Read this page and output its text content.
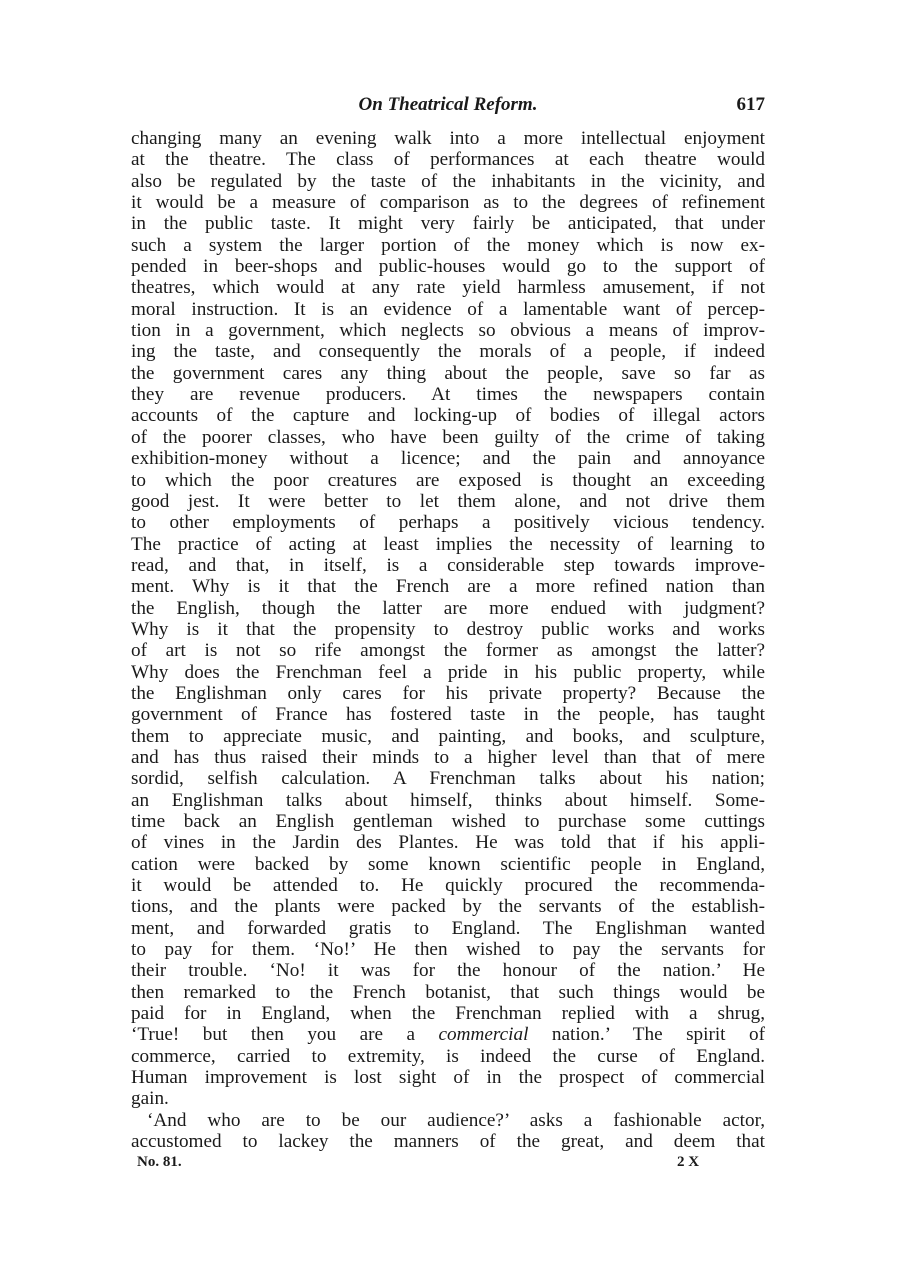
On Theatrical Reform.	617
changing many an evening walk into a more intellectual enjoyment
at the theatre. The class of performances at each theatre would
also be regulated by the taste of the inhabitants in the vicinity, and
it would be a measure of comparison as to the degrees of refinement
in the public taste. It might very fairly be anticipated, that under
such a system the larger portion of the money which is now ex-
pended in beer-shops and public-houses would go to the support of
theatres, which would at any rate yield harmless amusement, if not
moral instruction. It is an evidence of a lamentable want of percep-
tion in a government, which neglects so obvious a means of improv-
ing the taste, and consequently the morals of a people, if indeed
the government cares any thing about the people, save so far as
they are revenue producers. At times the newspapers contain
accounts of the capture and locking-up of bodies of illegal actors
of the poorer classes, who have been guilty of the crime of taking
exhibition-money without a licence; and the pain and annoyance
to which the poor creatures are exposed is thought an exceeding
good jest. It were better to let them alone, and not drive them
to other employments of perhaps a positively vicious tendency.
The practice of acting at least implies the necessity of learning to
read, and that, in itself, is a considerable step towards improve-
ment. Why is it that the French are a more refined nation than
the English, though the latter are more endued with judgment?
Why is it that the propensity to destroy public works and works
of art is not so rife amongst the former as amongst the latter?
Why does the Frenchman feel a pride in his public property, while
the Englishman only cares for his private property? Because the
government of France has fostered taste in the people, has taught
them to appreciate music, and painting, and books, and sculpture,
and has thus raised their minds to a higher level than that of mere
sordid, selfish calculation. A Frenchman talks about his nation;
an Englishman talks about himself, thinks about himself. Some-
time back an English gentleman wished to purchase some cuttings
of vines in the Jardin des Plantes. He was told that if his appli-
cation were backed by some known scientific people in England,
it would be attended to. He quickly procured the recommenda-
tions, and the plants were packed by the servants of the establish-
ment, and forwarded gratis to England. The Englishman wanted
to pay for them. ‘No!’ He then wished to pay the servants for
their trouble. ‘No! it was for the honour of the nation.’ He
then remarked to the French botanist, that such things would be
paid for in England, when the Frenchman replied with a shrug,
‘True! but then you are a commercial nation.’ The spirit of
commerce, carried to extremity, is indeed the curse of England.
Human improvement is lost sight of in the prospect of commercial
gain.
‘And who are to be our audience?’ asks a fashionable actor,
accustomed to lackey the manners of the great, and deem that
No. 81.	2 X
